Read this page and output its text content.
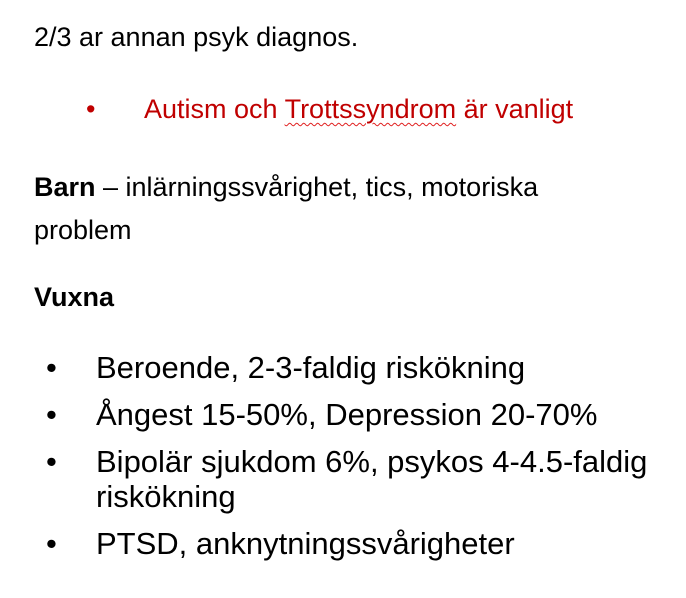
2/3 ar annan psyk diagnos.
• Autism och Trottssyndrom är vanligt
Barn – inlärningssvårighet, tics, motoriska problem
Vuxna
• Beroende, 2-3-faldig riskökning
• Ångest 15-50%, Depression 20-70%
• Bipolär sjukdom 6%, psykos 4-4.5-faldig riskökning
• PTSD, anknytningssvårigheter
